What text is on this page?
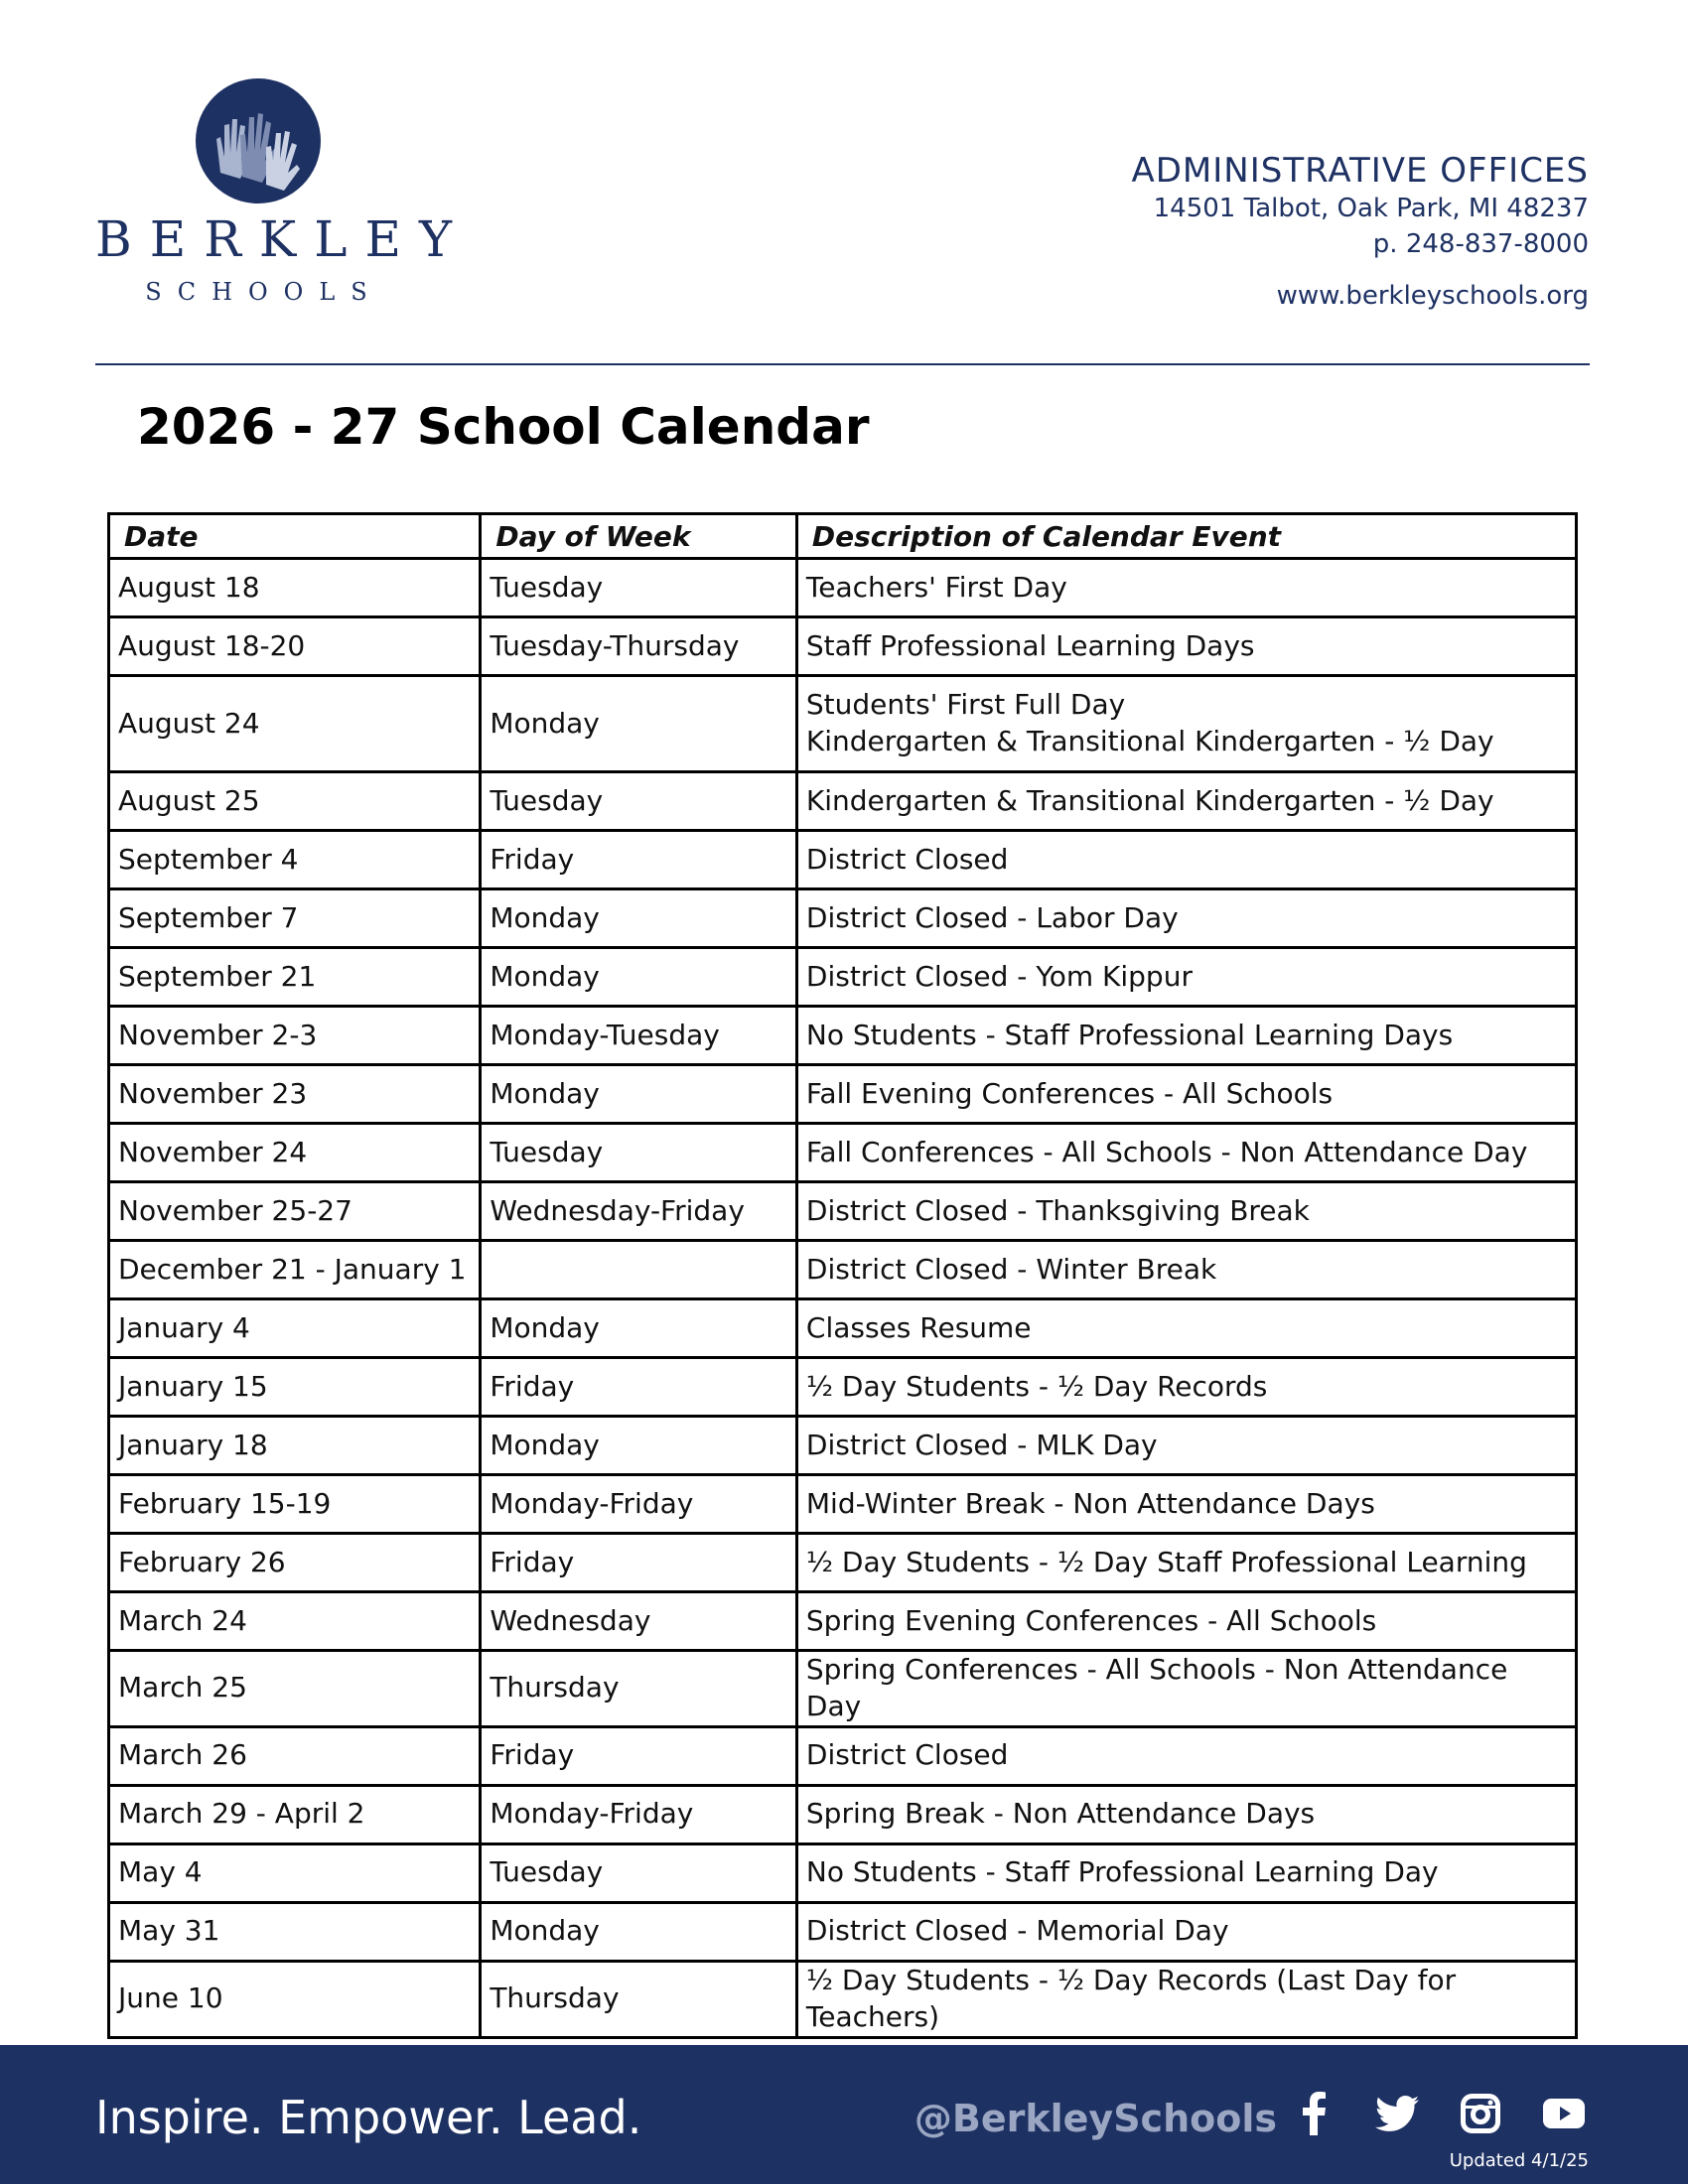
BERKLEY
SCHOOLS
ADMINISTRATIVE OFFICES
14501 Talbot, Oak Park, MI 48237
p. 248-837-8000
www.berkleyschools.org
2026 - 27 School Calendar
Date	Day of Week	Description of Calendar Event
August 18	Tuesday	Teachers' First Day
August 18-20	Tuesday-Thursday	Staff Professional Learning Days
August 24	Monday	Students' First Full Day
Kindergarten & Transitional Kindergarten - ½ Day

August 25	Tuesday	Kindergarten & Transitional Kindergarten - ½ Day
September 4	Friday	District Closed
September 7	Monday	District Closed - Labor Day
September 21	Monday	District Closed - Yom Kippur
November 2-3	Monday-Tuesday	No Students - Staff Professional Learning Days
November 23	Monday	Fall Evening Conferences - All Schools
November 24	Tuesday	Fall Conferences - All Schools - Non Attendance Day
November 25-27	Wednesday-Friday	District Closed - Thanksgiving Break
December 21 - January 1		District Closed - Winter Break
January 4	Monday	Classes Resume
January 15	Friday	½ Day Students - ½ Day Records
January 18	Monday	District Closed - MLK Day
February 15-19	Monday-Friday	Mid-Winter Break - Non Attendance Days
February 26	Friday	½ Day Students - ½ Day Staff Professional Learning
March 24	Wednesday	Spring Evening Conferences - All Schools
March 25	Thursday	Spring Conferences - All Schools - Non Attendance Day
March 26	Friday	District Closed
March 29 - April 2	Monday-Friday	Spring Break - Non Attendance Days
May 4	Tuesday	No Students - Staff Professional Learning Day
May 31	Monday	District Closed - Memorial Day
June 10	Thursday	½ Day Students - ½ Day Records (Last Day for Teachers)
Inspire. Empower. Lead.	@BerkleySchools
Updated 4/1/25
